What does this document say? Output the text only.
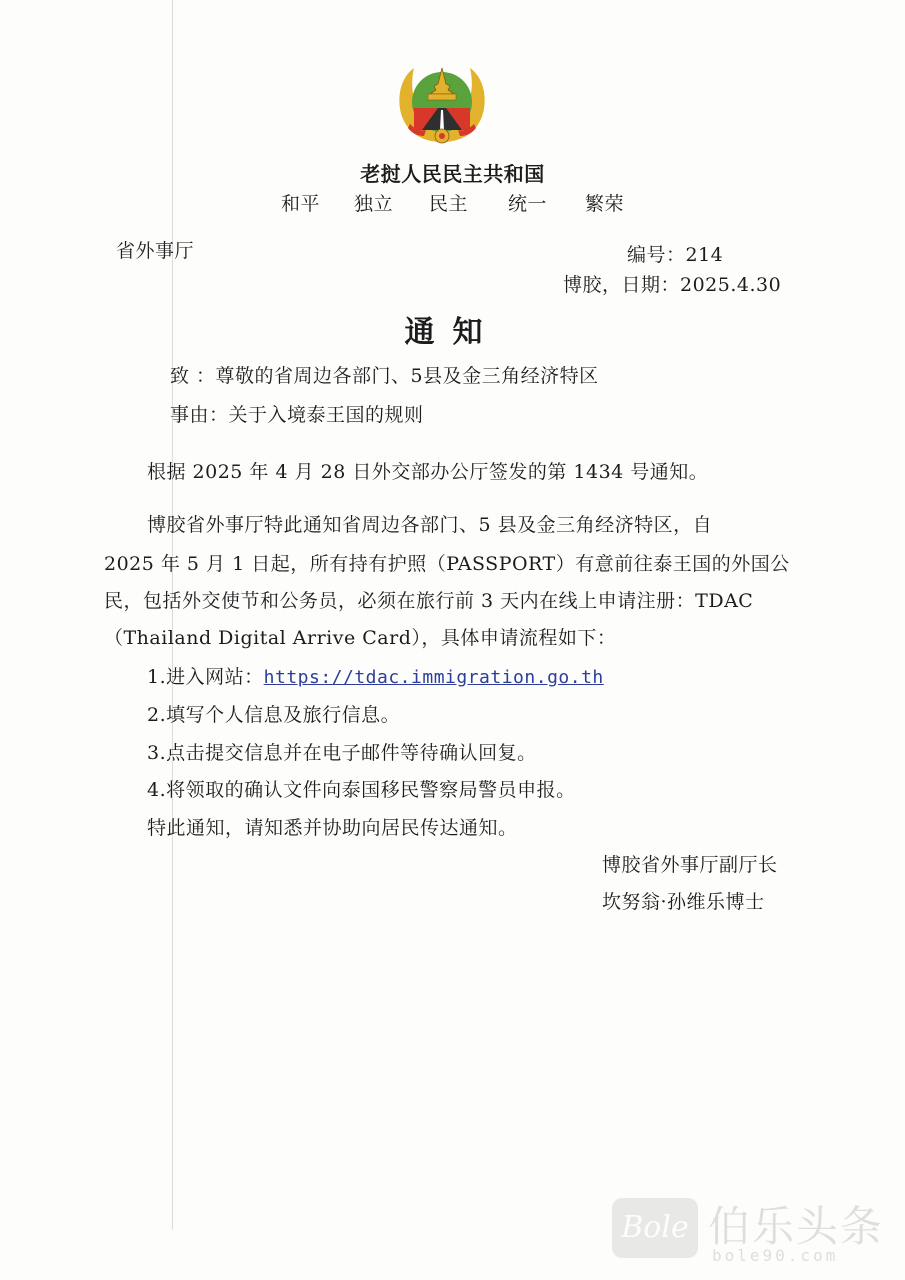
老挝人民民主共和国
和平 独立 民主 统一 繁荣
省外事厅	编号：214
博胶，日期：2025.4.30
通知
致 ：尊敬的省周边各部门、5县及金三角经济特区
事由：关于入境泰王国的规则
根据 2025 年 4 月 28 日外交部办公厅签发的第 1434 号通知。
博胶省外事厅特此通知省周边各部门、5 县及金三角经济特区，自
2025 年 5 月 1 日起，所有持有护照（PASSPORT）有意前往泰王国的外国公
民，包括外交使节和公务员，必须在旅行前 3 天内在线上申请注册：TDAC
（Thailand Digital Arrive Card），具体申请流程如下：
1.进入网站：https://tdac.immigration.go.th
2.填写个人信息及旅行信息。
3.点击提交信息并在电子邮件等待确认回复。
4.将领取的确认文件向泰国移民警察局警员申报。
特此通知，请知悉并协助向居民传达通知。
博胶省外事厅副厅长
坎努翁·孙维乐博士
Bole 伯乐头条
bole90.com
